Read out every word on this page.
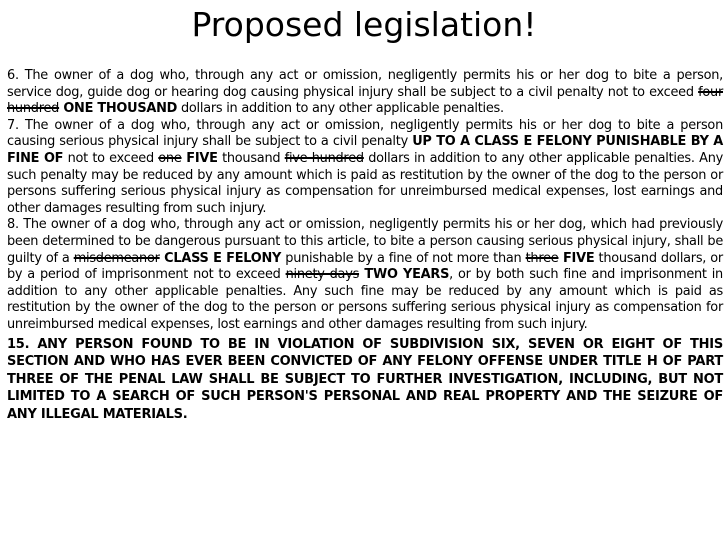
Proposed legislation!

6. The owner of a dog who, through any act or omission, negligently permits his or her dog to bite a person, service dog, guide dog or hearing dog causing physical injury shall be subject to a civil penalty not to exceed four hundred ONE THOUSAND dollars in addition to any other applicable penalties.

7. The owner of a dog who, through any act or omission, negligently permits his or her dog to bite a person causing serious physical injury shall be subject to a civil penalty UP TO A CLASS E FELONY PUNISHABLE BY A FINE OF not to exceed one FIVE thousand five hundred dollars in addition to any other applicable penalties. Any such penalty may be reduced by any amount which is paid as restitution by the owner of the dog to the person or persons suffering serious physical injury as compensation for unreimbursed medical expenses, lost earnings and other damages resulting from such injury.

8. The owner of a dog who, through any act or omission, negligently permits his or her dog, which had previously been determined to be dangerous pursuant to this article, to bite a person causing serious physical injury, shall be guilty of a misdemeanor CLASS E FELONY punishable by a fine of not more than three FIVE thousand dollars, or by a period of imprisonment not to exceed ninety days TWO YEARS, or by both such fine and imprisonment in addition to any other applicable penalties. Any such fine may be reduced by any amount which is paid as restitution by the owner of the dog to the person or persons suffering serious physical injury as compensation for unreimbursed medical expenses, lost earnings and other damages resulting from such injury.

15. ANY PERSON FOUND TO BE IN VIOLATION OF SUBDIVISION SIX, SEVEN OR EIGHT OF THIS SECTION AND WHO HAS EVER BEEN CONVICTED OF ANY FELONY OFFENSE UNDER TITLE H OF PART THREE OF THE PENAL LAW SHALL BE SUBJECT TO FURTHER INVESTIGATION, INCLUDING, BUT NOT LIMITED TO A SEARCH OF SUCH PERSON'S PERSONAL AND REAL PROPERTY AND THE SEIZURE OF ANY ILLEGAL MATERIALS.
